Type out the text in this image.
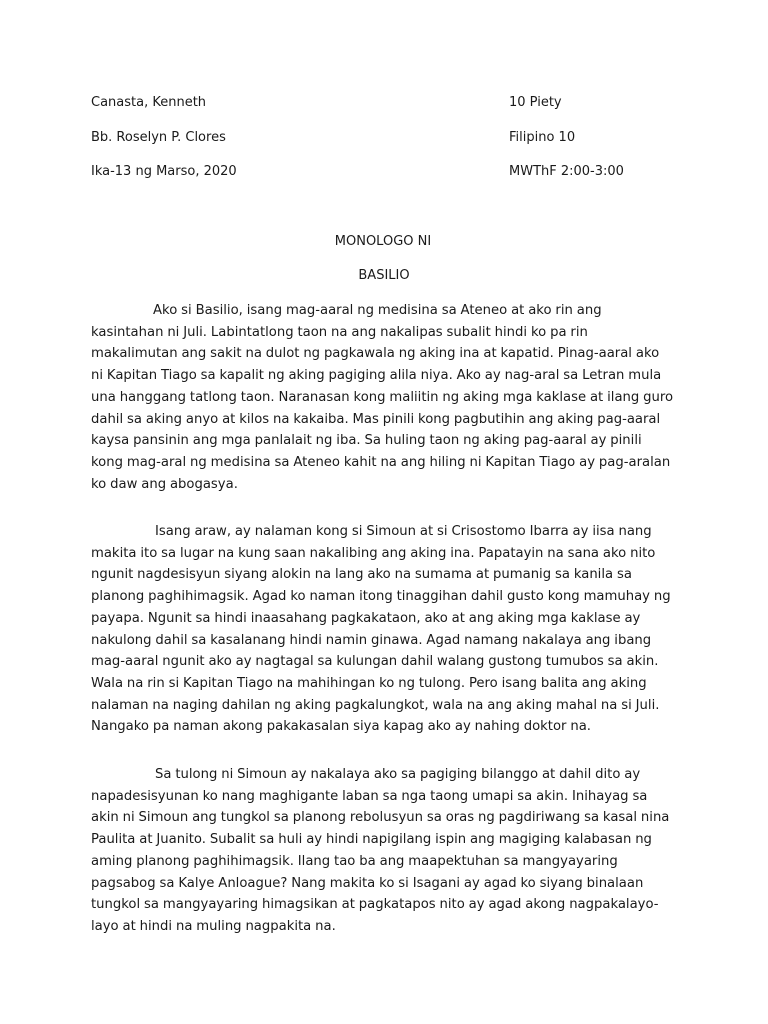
Canasta, Kenneth	10 Piety
Bb. Roselyn P. Clores	Filipino 10
Ika-13 ng Marso, 2020	MWThF 2:00-3:00
MONOLOGO NI
BASILIO

Ako si Basilio, isang mag-aaral ng medisina sa Ateneo at ako rin ang kasintahan ni Juli. Labintatlong taon na ang nakalipas subalit hindi ko pa rin makalimutan ang sakit na dulot ng pagkawala ng aking ina at kapatid. Pinag-aaral ako ni Kapitan Tiago sa kapalit ng aking pagiging alila niya. Ako ay nag-aral sa Letran mula una hanggang tatlong taon. Naranasan kong maliitin ng aking mga kaklase at ilang guro dahil sa aking anyo at kilos na kakaiba. Mas pinili kong pagbutihin ang aking pag-aaral kaysa pansinin ang mga panlalait ng iba. Sa huling taon ng aking pag-aaral ay pinili kong mag-aral ng medisina sa Ateneo kahit na ang hiling ni Kapitan Tiago ay pag-aralan ko daw ang abogasya.

Isang araw, ay nalaman kong si Simoun at si Crisostomo Ibarra ay iisa nang makita ito sa lugar na kung saan nakalibing ang aking ina. Papatayin na sana ako nito ngunit nagdesisyun siyang alokin na lang ako na sumama at pumanig sa kanila sa planong paghihimagsik. Agad ko naman itong tinaggihan dahil gusto kong mamuhay ng payapa. Ngunit sa hindi inaasahang pagkakataon, ako at ang aking mga kaklase ay nakulong dahil sa kasalanang hindi namin ginawa. Agad namang nakalaya ang ibang mag-aaral ngunit ako ay nagtagal sa kulungan dahil walang gustong tumubos sa akin. Wala na rin si Kapitan Tiago na mahihingan ko ng tulong. Pero isang balita ang aking nalaman na naging dahilan ng aking pagkalungkot, wala na ang aking mahal na si Juli. Nangako pa naman akong pakakasalan siya kapag ako ay nahing doktor na.

Sa tulong ni Simoun ay nakalaya ako sa pagiging bilanggo at dahil dito ay napadesisyunan ko nang maghigante laban sa nga taong umapi sa akin. Inihayag sa akin ni Simoun ang tungkol sa planong rebolusyun sa oras ng pagdiriwang sa kasal nina Paulita at Juanito. Subalit sa huli ay hindi napigilang ispin ang magiging kalabasan ng aming planong paghihimagsik. Ilang tao ba ang maapektuhan sa mangyayaring pagsabog sa Kalye Anloague? Nang makita ko si Isagani ay agad ko siyang binalaan tungkol sa mangyayaring himagsikan at pagkatapos nito ay agad akong nagpakalayo-layo at hindi na muling nagpakita na.
